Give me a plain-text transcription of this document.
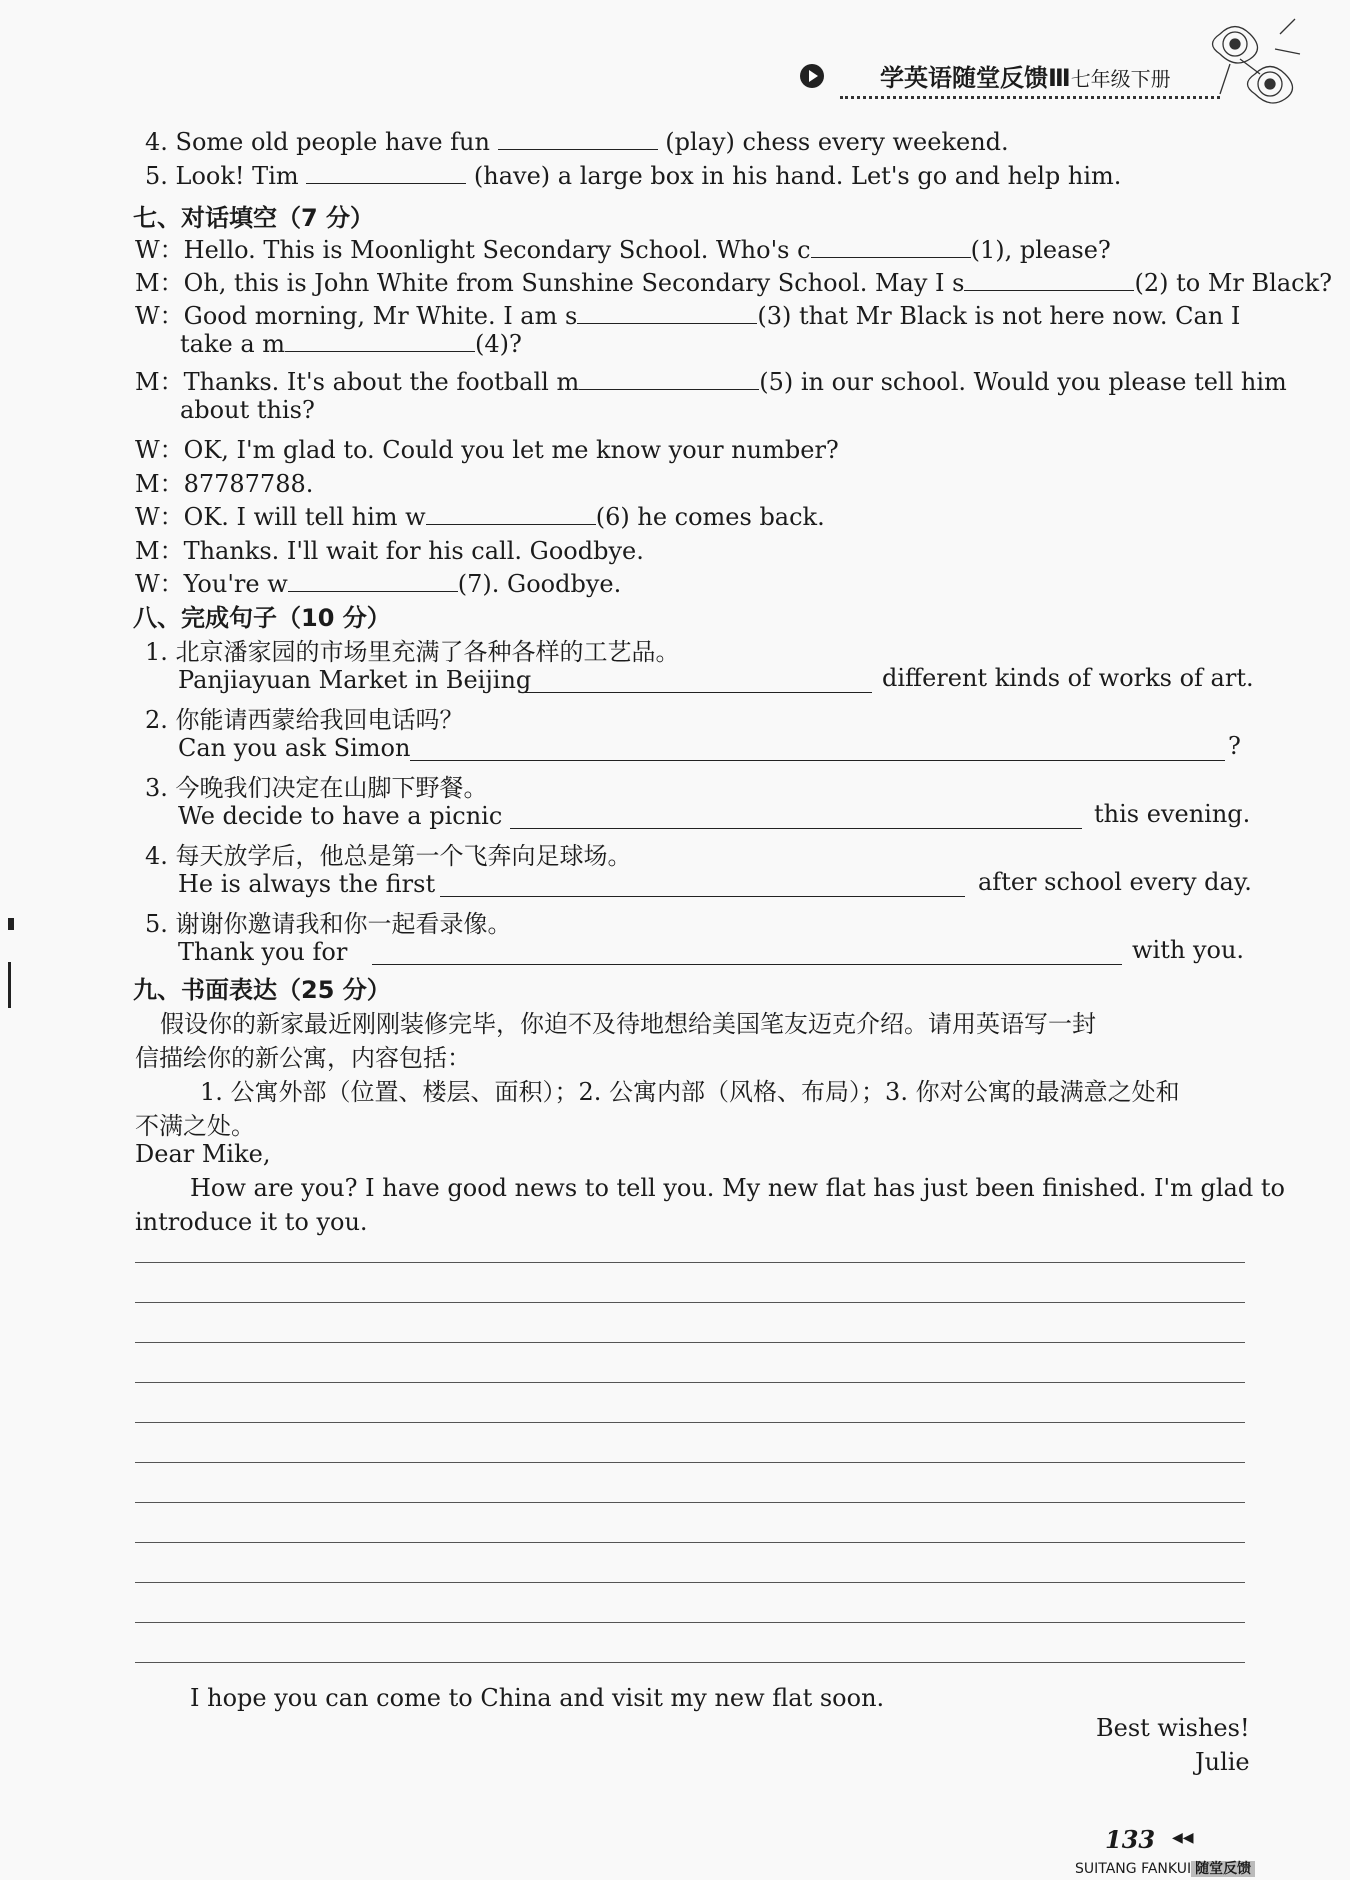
学英语随堂反馈Ⅲ七年级下册
4. Some old people have fun	(play) chess every weekend.
5. Look! Tim	(have) a large box in his hand. Let's go and help him.
七、对话填空（7 分）
W：Hello. This is Moonlight Secondary School. Who's c	(1), please?
M：Oh, this is John White from Sunshine Secondary School. May I s	(2) to Mr Black?
W：Good morning, Mr White. I am s	(3) that Mr Black is not here now. Can I
take a m	(4)?
M：Thanks. It's about the football m	(5) in our school. Would you please tell him
about this?
W：OK, I'm glad to. Could you let me know your number?
M：87787788.
W：OK. I will tell him w	(6) he comes back.
M：Thanks. I'll wait for his call. Goodbye.
W：You're w	(7). Goodbye.
八、完成句子（10 分）
1. 北京潘家园的市场里充满了各种各样的工艺品。
Panjiayuan Market in Beijing	different kinds of works of art.
2. 你能请西蒙给我回电话吗？
Can you ask Simon	?
3. 今晚我们决定在山脚下野餐。
We decide to have a picnic	this evening.
4. 每天放学后，他总是第一个飞奔向足球场。
He is always the first	after school every day.
5. 谢谢你邀请我和你一起看录像。
Thank you for	with you.
九、书面表达（25 分）
假设你的新家最近刚刚装修完毕，你迫不及待地想给美国笔友迈克介绍。请用英语写一封
信描绘你的新公寓，内容包括：
1. 公寓外部（位置、楼层、面积）；2. 公寓内部（风格、布局）；3. 你对公寓的最满意之处和
不满之处。
Dear Mike,
How are you? I have good news to tell you. My new flat has just been finished. I'm glad to
introduce it to you.
I hope you can come to China and visit my new flat soon.
Best wishes!
Julie
133 ◀◀
SUITANG FANKUI 随堂反馈
